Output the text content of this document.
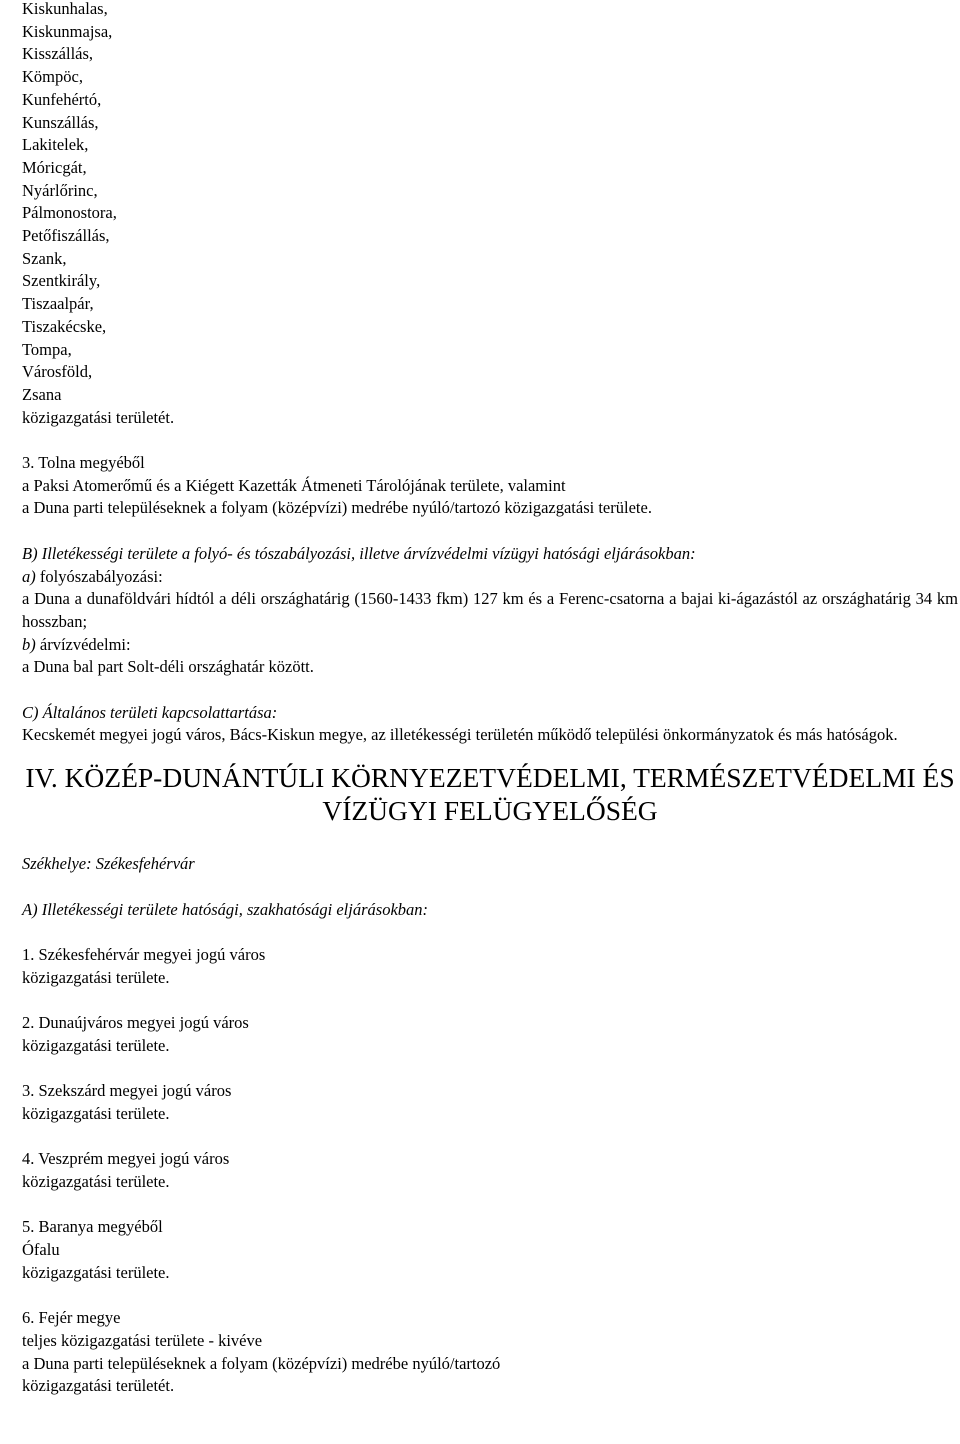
Kiskunhalas,
Kiskunmajsa,
Kisszállás,
Kömpöc,
Kunfehértó,
Kunszállás,
Lakitelek,
Móricgát,
Nyárlőrinc,
Pálmonostora,
Petőfiszállás,
Szank,
Szentkirály,
Tiszaalpár,
Tiszakécske,
Tompa,
Városföld,
Zsana
közigazgatási területét.
3. Tolna megyéből
a Paksi Atomerőmű és a Kiégett Kazetták Átmeneti Tárolójának területe, valamint
a Duna parti településeknek a folyam (középvízi) medrébe nyúló/tartozó közigazgatási területe.
B) Illetékességi területe a folyó- és tószabályozási, illetve árvízvédelmi vízügyi hatósági eljárásokban:
a) folyószabályozási:
a Duna a dunaföldvári hídtól a déli országhatárig (1560-1433 fkm) 127 km és a Ferenc-csatorna a bajai ki-ágazástól az országhatárig 34 km hosszban;
b) árvízvédelmi:
a Duna bal part Solt-déli országhatár között.
C) Általános területi kapcsolattartása:
Kecskemét megyei jogú város, Bács-Kiskun megye, az illetékességi területén működő települési önkormányzatok és más hatóságok.
IV. KÖZÉP-DUNÁNTÚLI KÖRNYEZETVÉDELMI, TERMÉSZETVÉDELMI ÉS
VÍZÜGYI FELÜGYELŐSÉG
Székhelye: Székesfehérvár
A) Illetékességi területe hatósági, szakhatósági eljárásokban:
1. Székesfehérvár megyei jogú város
közigazgatási területe.
2. Dunaújváros megyei jogú város
közigazgatási területe.
3. Szekszárd megyei jogú város
közigazgatási területe.
4. Veszprém megyei jogú város
közigazgatási területe.
5. Baranya megyéből
Ófalu
közigazgatási területe.
6. Fejér megye
teljes közigazgatási területe - kivéve
a Duna parti településeknek a folyam (középvízi) medrébe nyúló/tartozó
közigazgatási területét.
